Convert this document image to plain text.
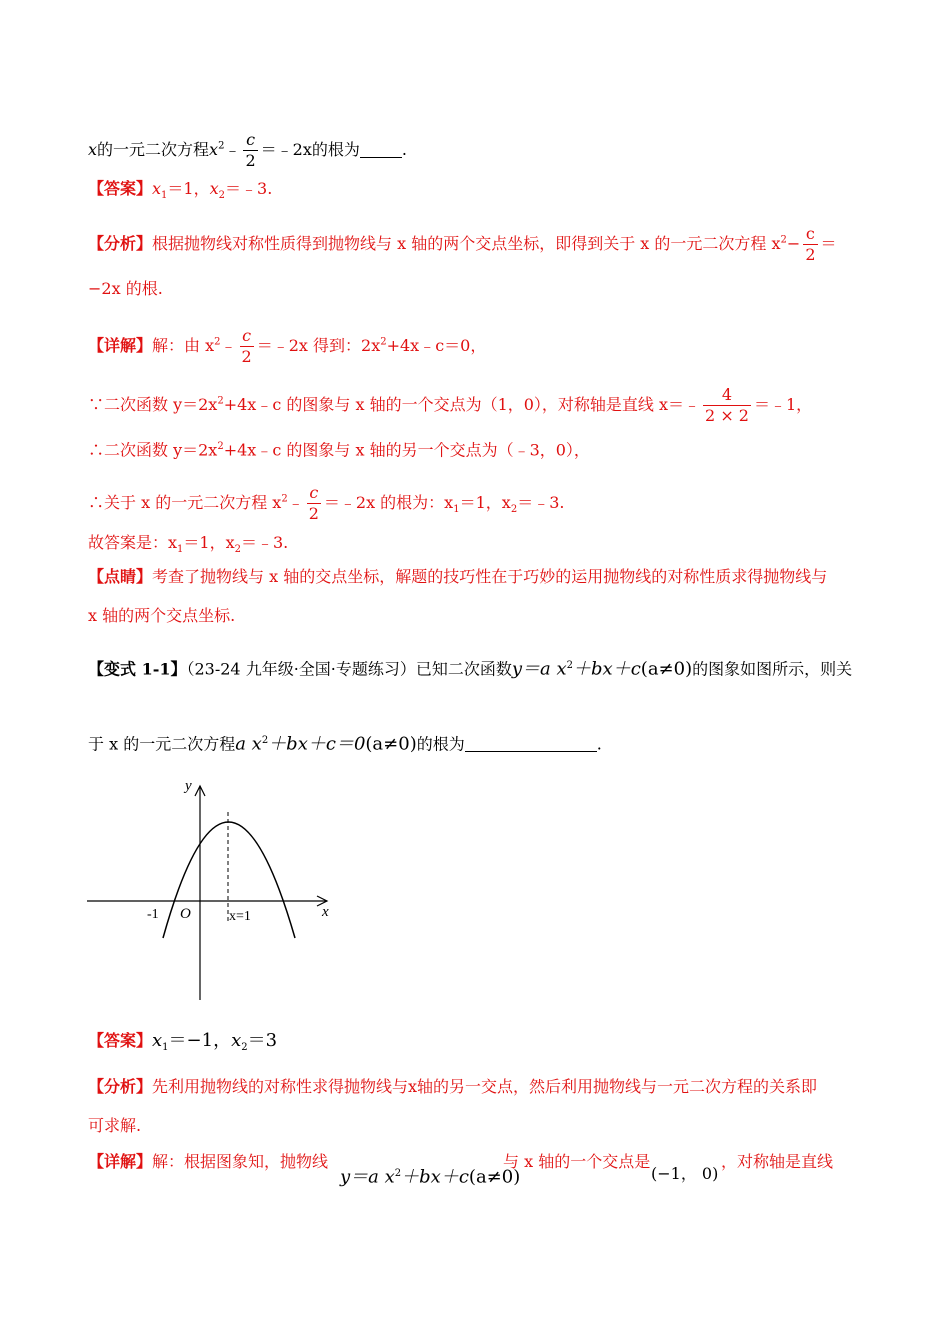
x的一元二次方程$x^2﹣ \frac{c}{2}$ ＝﹣2x的根为	.
【答案】$x_1=1$，$x_2=﹣3$.
【分析】根据抛物线对称性质得到抛物线与 x 轴的两个交点坐标，即得到关于 x 的一元二次方程 $x^2- \frac{c}{2}$ ＝
−2x 的根.
【详解】解：由 $x^2﹣ \frac{c}{2}$ ＝﹣2x 得到：$2x^2+4x﹣c=0$，
∵二次函数 $y=2x^2+4x﹣c$ 的图象与 x 轴的一个交点为（1，0），对称轴是直线 x＝﹣ $\frac{4}{2 \times 2}$ ＝﹣1，
∴二次函数 $y=2x^2+4x﹣c$ 的图象与 x 轴的另一个交点为（﹣3，0），
∴关于 x 的一元二次方程 $x^2﹣ \frac{c}{2}$ ＝﹣2x 的根为：$x_1=1$，$x_2=﹣3$.
故答案是：$x_1=1$，$x_2=﹣3$.
【点睛】考查了抛物线与 x 轴的交点坐标，解题的技巧性在于巧妙的运用抛物线的对称性质求得抛物线与
x 轴的两个交点坐标.
【变式 1-1】（23-24 九年级·全国·专题练习）已知二次函数y＝a $x^2+bx+c(a\ne 0)$的图象如图所示，则关
于 x 的一元二次方程a $x^2+bx+c=0(a\ne 0)$的根为	.
y
x
O
-1	x=1
【答案】$x_1=-1$，$x_2=3$
【分析】先利用抛物线的对称性求得抛物线与x轴的另一交点，然后利用抛物线与一元二次方程的关系即
可求解.
【详解】解：根据图象知，抛物线
y＝a $x^2+bx+c(a\ne 0)$
与 x 轴的一个交点是
(−1， 0)
，对称轴是直线
